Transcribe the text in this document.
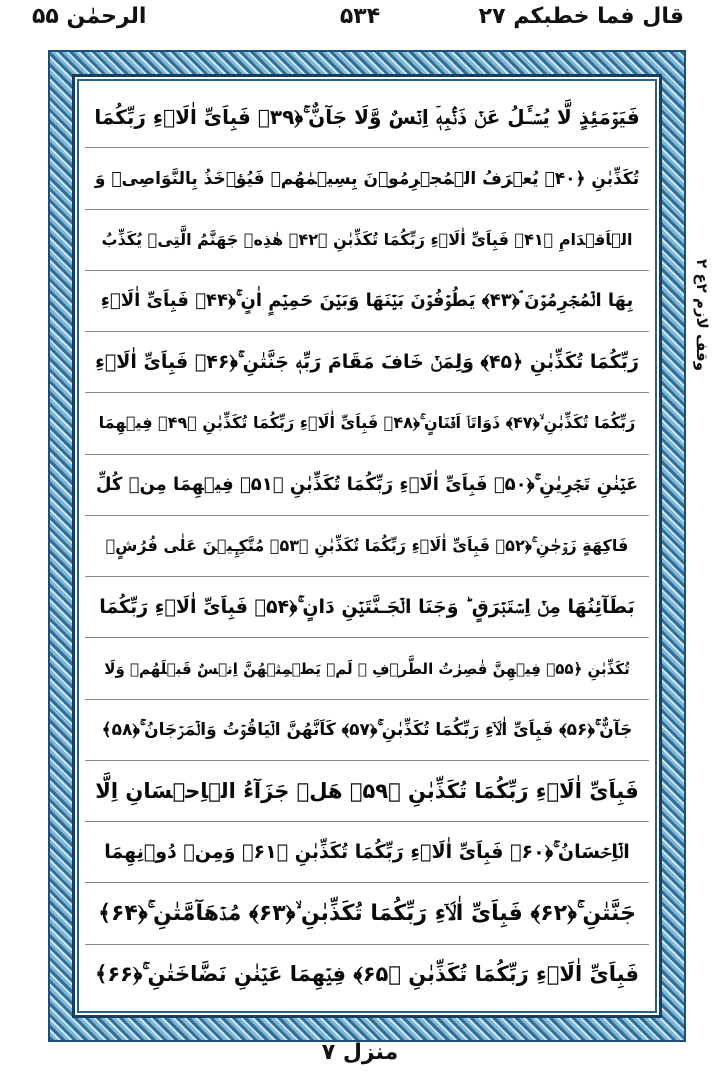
قال فما خطبکم ۲۷
۵۳۴
الرحمٰن ۵۵
وقف لازم ۲ع ۲
فَيَوۡمَئِذٍ لَّا يُسۡـَٔلُ عَنۡ ذَنۡۢبِهٖۤ اِنۡسٌ وَّلَا جَآنٌّ ۚ﴿۳۹﴾ فَبِاَىِّ اٰلَاۤءِ رَبِّكُمَا
تُكَذِّبٰنِ ﴿۴۰﴾ يُعۡرَفُ الۡمُجۡرِمُوۡنَ بِسِيۡمٰهُمۡ فَيُؤۡخَذُ بِالنَّوَاصِىۡ وَ
الۡاَقۡدَامِ ﴿۴۱﴾ فَبِاَىِّ اٰلَاۤءِ رَبِّكُمَا تُكَذِّبٰنِ ﴿۴۲﴾ هٰذِهٖ جَهَنَّمُ الَّتِىۡ يُكَذِّبُ
بِهَا الۡمُجۡرِمُوۡنَ ۘ﴿۴۳﴾ يَطُوۡفُوۡنَ بَيۡنَهَا وَبَيۡنَ حَمِيۡمٍ اٰنٍ ۚ﴿۴۴﴾ فَبِاَىِّ اٰلَاۤءِ
رَبِّكُمَا تُكَذِّبٰنِ ﴿۴۵﴾ وَلِمَنۡ خَافَ مَقَامَ رَبِّهٖ جَنَّتٰنِ ۚ﴿۴۶﴾ فَبِاَىِّ اٰلَاۤءِ
رَبِّكُمَا تُكَذِّبٰنِ ۙ﴿۴۷﴾ ذَوَاتَاۤ اَفۡنَانٍ ۚ﴿۴۸﴾ فَبِاَىِّ اٰلَاۤءِ رَبِّكُمَا تُكَذِّبٰنِ ﴿۴۹﴾ فِيۡهِمَا
عَيۡنٰنِ تَجۡرِيٰنِ ۚ﴿۵۰﴾ فَبِاَىِّ اٰلَاۤءِ رَبِّكُمَا تُكَذِّبٰنِ ﴿۵۱﴾ فِيۡهِمَا مِنۡ كُلِّ
فَاكِهَةٍ زَوۡجٰنِ ۚ﴿۵۲﴾ فَبِاَىِّ اٰلَاۤءِ رَبِّكُمَا تُكَذِّبٰنِ ﴿۵۳﴾ مُتَّكِـِٕيۡنَ عَلٰى فُرُشٍۢ
بَطَآئِنُهَا مِنۡ اِسۡتَبۡرَقٍ ؕ وَجَنَا الۡجَـنَّتَيۡنِ دَانٍ ۚ﴿۵۴﴾ فَبِاَىِّ اٰلَاۤءِ رَبِّكُمَا
تُكَذِّبٰنِ ﴿۵۵﴾ فِيۡهِنَّ قٰصِرٰتُ الطَّرۡفِ ۙ لَمۡ يَطۡمِثۡهُنَّ اِنۡسٌ قَبۡلَهُمۡ وَلَا
جَآنٌّ ۚ﴿۵۶﴾ فَبِاَىِّ اٰلَاۤءِ رَبِّكُمَا تُكَذِّبٰنِ ۚ﴿۵۷﴾ كَاَنَّهُنَّ الۡيَاقُوۡتُ وَالۡمَرۡجَانُ ۚ﴿۵۸﴾
فَبِاَىِّ اٰلَاۤءِ رَبِّكُمَا تُكَذِّبٰنِ ﴿۵۹﴾ هَلۡ جَزَآءُ الۡاِحۡسَانِ اِلَّا
الۡاِحۡسَانُ ۚ﴿۶۰﴾ فَبِاَىِّ اٰلَاۤءِ رَبِّكُمَا تُكَذِّبٰنِ ﴿۶۱﴾ وَمِنۡ دُوۡنِهِمَا
جَنَّتٰنِ ۚ﴿۶۲﴾ فَبِاَىِّ اٰلَاۤءِ رَبِّكُمَا تُكَذِّبٰنِ ۙ﴿۶۳﴾ مُدۡهَآمَّتٰنِ ۚ﴿۶۴﴾
فَبِاَىِّ اٰلَاۤءِ رَبِّكُمَا تُكَذِّبٰنِ ﴿۶۵﴾ فِيۡهِمَا عَيۡنٰنِ نَضَّاخَتٰنِ ۚ﴿۶۶﴾
منزل ۷
